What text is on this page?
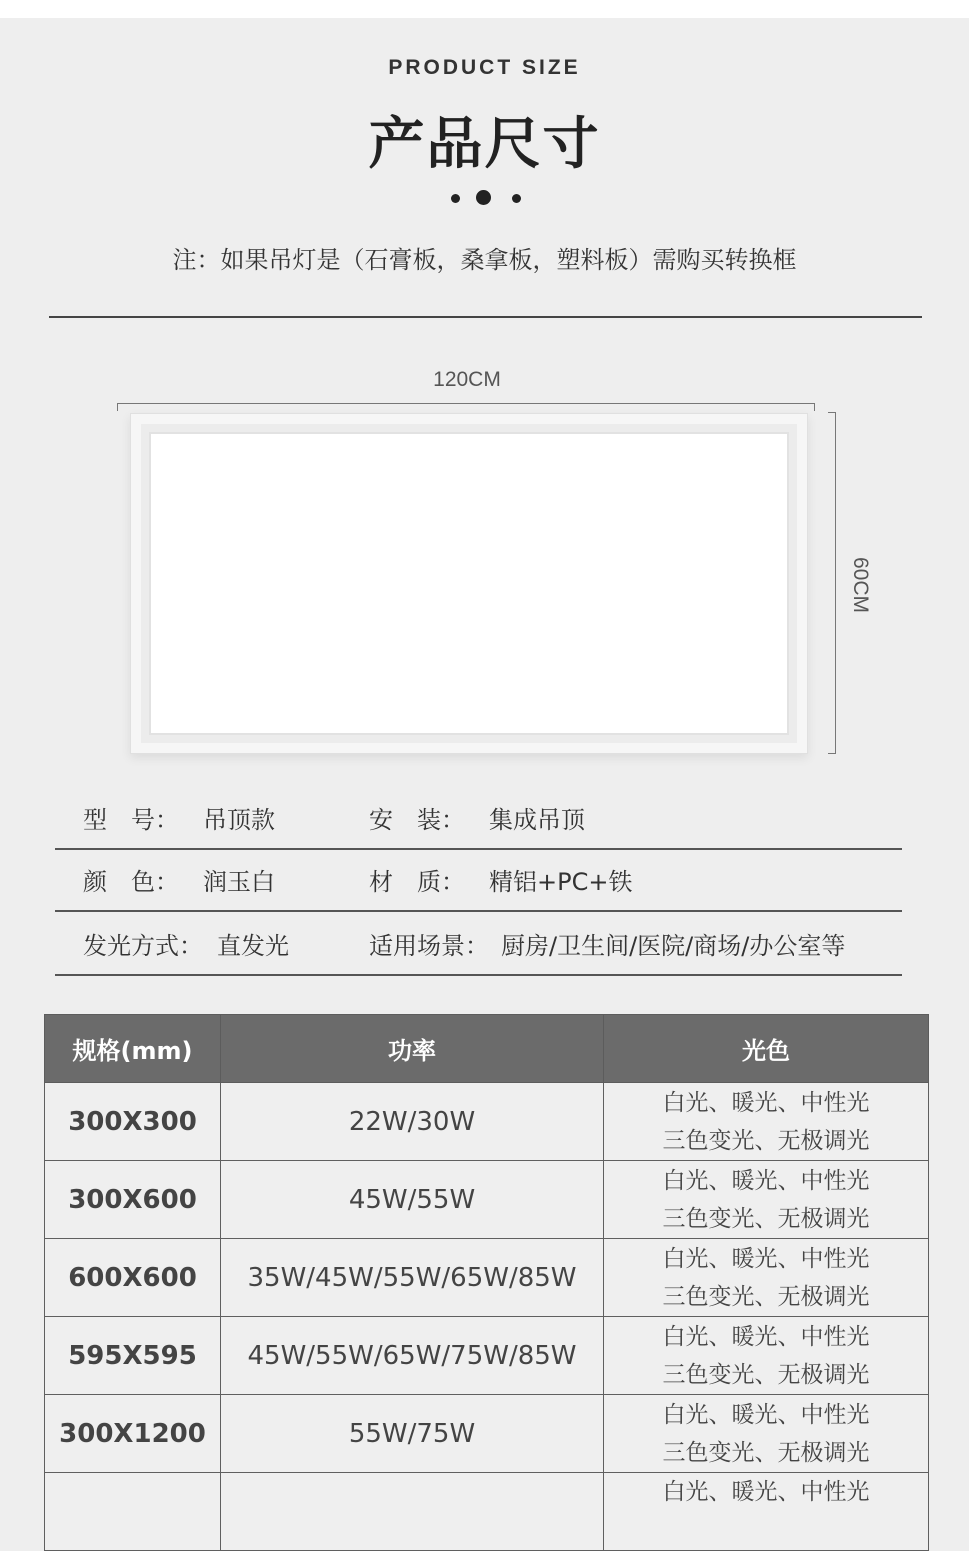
PRODUCT SIZE
产品尺寸
注：如果吊灯是（石膏板，桑拿板，塑料板）需购买转换框
120CM
60CM
型　号： 吊顶款	安　装： 集成吊顶
颜　色： 润玉白	材　质： 精铝+PC+铁
发光方式： 直发光	适用场景： 厨房/卫生间/医院/商场/办公室等
规格(mm)	功率	光色
300X300	22W/30W	白光、暖光、中性光
三色变光、无极调光

300X600	45W/55W	白光、暖光、中性光
三色变光、无极调光

600X600	35W/45W/55W/65W/85W	白光、暖光、中性光
三色变光、无极调光

595X595	45W/55W/65W/75W/85W	白光、暖光、中性光
三色变光、无极调光

300X1200	55W/75W	白光、暖光、中性光
三色变光、无极调光

		白光、暖光、中性光
